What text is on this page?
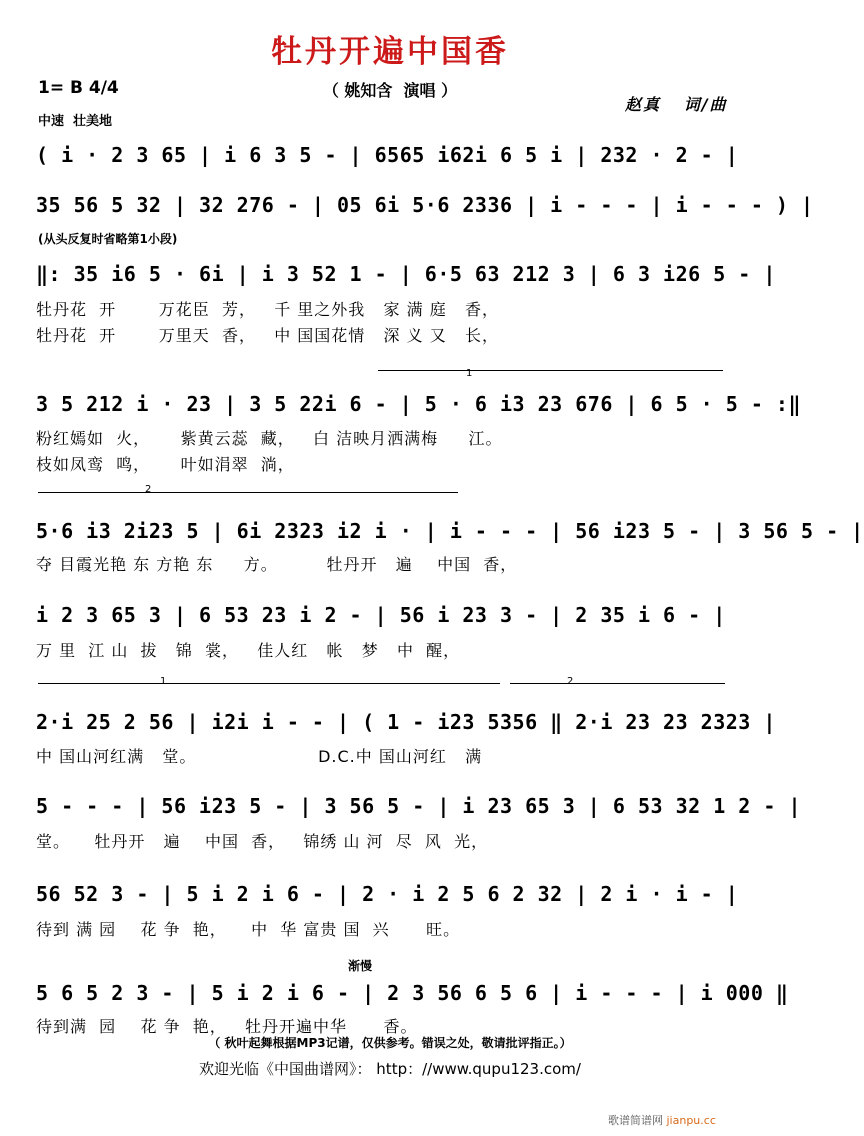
牡丹开遍中国香
（ 姚知含  演唱 ）
1= B 4/4
中速  壮美地
赵真   词/曲
( i · 2 3 65 | i 6 3 5 - | 6565 i62i 6 5 i | 232 · 2 - |
35 56 5 32 | 32 276 - | 05 6i 5·6 2336 | i - - - | i - - - ) |
(从头反复时省略第1小段)
‖: 35 i6 5 · 6i | i 3 52 1 - | 6·5 63 212 3 | 6 3 i26 5 - |
牡丹花  开       万花臣  芳，   千 里之外我   家 满 庭   香，
牡丹花  开       万里天  香，   中 国国花情   深 义 又   长，
1
3 5 212 i · 23 | 3 5 22i 6 - | 5 · 6 i3 23 676 | 6 5 · 5 - :‖
粉红嫣如  火，     紫黄云蕊  藏，   白 洁映月洒满梅     江。
枝如凤鸾  鸣，     叶如涓翠  淌，
2
5·6 i3 2i23 5 | 6i 2323 i2 i · | i - - - | 56 i23 5 - | 3 56 5 - |
夺 目霞光艳 东 方艳 东     方。        牡丹开   遍    中国  香，
i 2 3 65 3 | 6 53 23 i 2 - | 56 i 23 3 - | 2 35 i 6 - |
万 里  江 山  拔   锦  裳，   佳人红   帐   梦   中  醒，
1	2
2·i 25 2 56 | i2i i - - | ( 1 - i23 5356 ‖ 2·i 23 23 2323 |
中 国山河红满   堂。                    D.C.中 国山河红   满
5 - - - | 56 i23 5 - | 3 56 5 - | i 23 65 3 | 6 53 32 1 2 - |
堂。    牡丹开   遍    中国  香，   锦绣 山 河  尽  风  光，
56 52 3 - | 5 i 2 i 6 - | 2 · i 2 5 6 2 32 | 2 i · i - |
待到 满 园    花 争  艳，    中  华 富贵 国  兴      旺。
渐慢
5 6 5 2 3 - | 5 i 2 i 6 - | 2 3 56 6 5 6 | i - - - | i 000 ‖
待到满  园    花 争  艳，   牡丹开遍中华      香。
（ 秋叶起舞根据MP3记谱，仅供参考。错误之处，敬请批评指正。）
欢迎光临《中国曲谱网》： http：//www.qupu123.com/
歌谱简谱网 jianpu.cc
